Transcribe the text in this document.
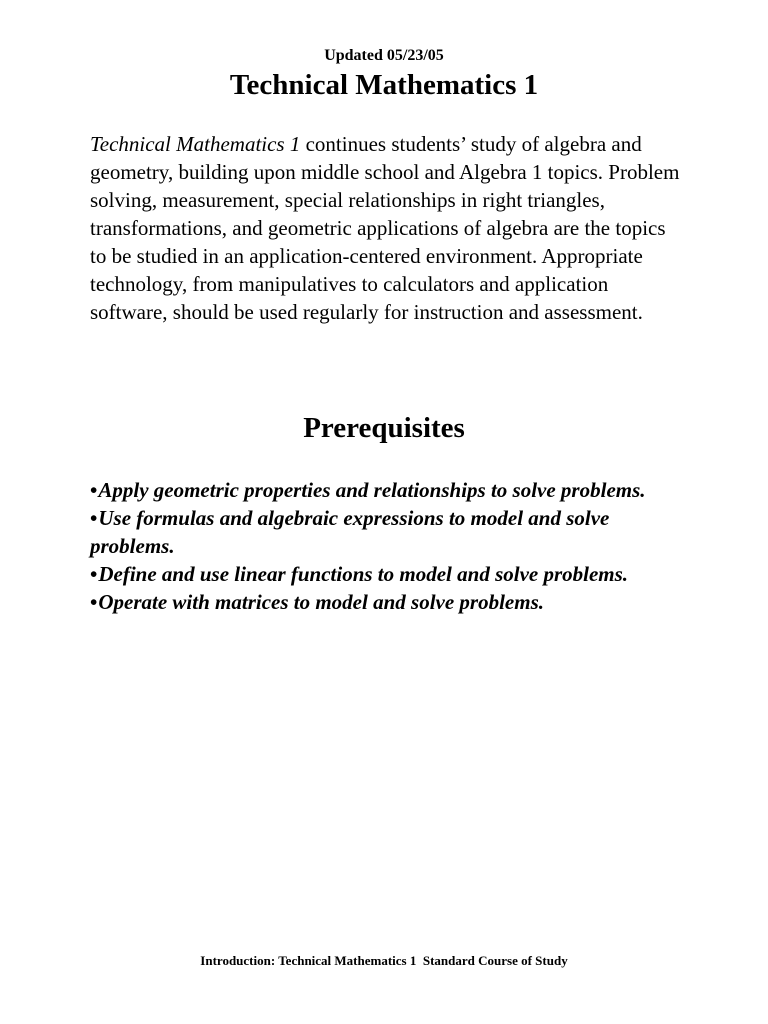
Updated 05/23/05
Technical Mathematics 1

Technical Mathematics 1 continues students’ study of algebra and geometry, building upon middle school and Algebra 1 topics. Problem solving, measurement, special relationships in right triangles, transformations, and geometric applications of algebra are the topics to be studied in an application-centered environment. Appropriate technology, from manipulatives to calculators and application software, should be used regularly for instruction and assessment.

Prerequisites
•Apply geometric properties and relationships to solve problems.
•Use formulas and algebraic expressions to model and solve problems.
•Define and use linear functions to model and solve problems.
•Operate with matrices to model and solve problems.
Introduction: Technical Mathematics 1  Standard Course of Study
